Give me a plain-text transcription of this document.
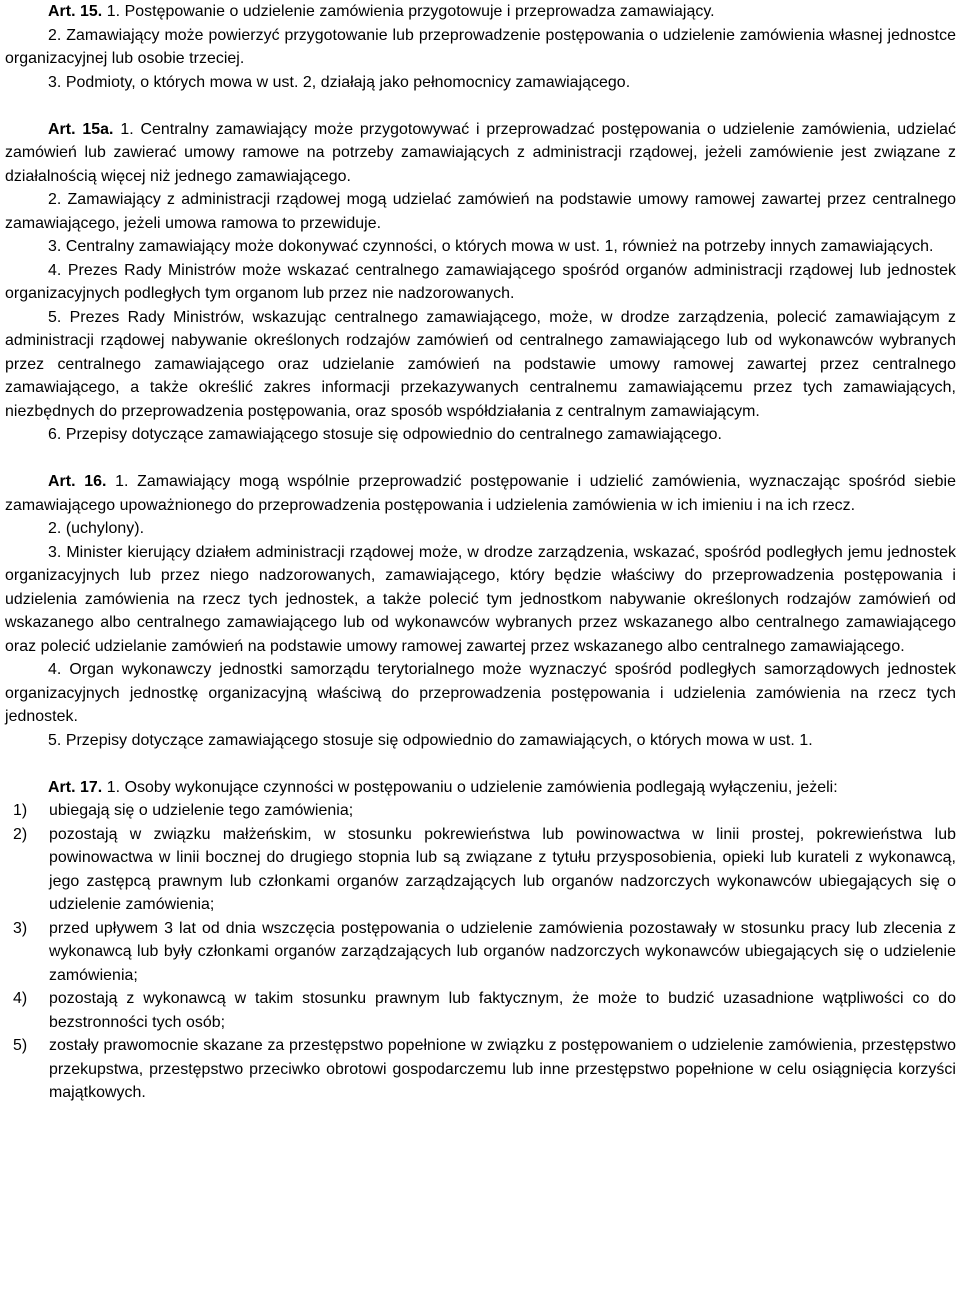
Art. 15. 1. Postępowanie o udzielenie zamówienia przygotowuje i przeprowadza zamawiający.

2. Zamawiający może powierzyć przygotowanie lub przeprowadzenie postępowania o udzielenie zamówienia własnej jednostce organizacyjnej lub osobie trzeciej.

3. Podmioty, o których mowa w ust. 2, działają jako pełnomocnicy zamawiającego.

Art. 15a. 1. Centralny zamawiający może przygotowywać i przeprowadzać postępowania o udzielenie zamówienia, udzielać zamówień lub zawierać umowy ramowe na potrzeby zamawiających z administracji rządowej, jeżeli zamówienie jest związane z działalnością więcej niż jednego zamawiającego.

2. Zamawiający z administracji rządowej mogą udzielać zamówień na podstawie umowy ramowej zawartej przez centralnego zamawiającego, jeżeli umowa ramowa to przewiduje.

3. Centralny zamawiający może dokonywać czynności, o których mowa w ust. 1, również na potrzeby innych zamawiających.

4. Prezes Rady Ministrów może wskazać centralnego zamawiającego spośród organów administracji rządowej lub jednostek organizacyjnych podległych tym organom lub przez nie nadzorowanych.

5. Prezes Rady Ministrów, wskazując centralnego zamawiającego, może, w drodze zarządzenia, polecić zamawiającym z administracji rządowej nabywanie określonych rodzajów zamówień od centralnego zamawiającego lub od wykonawców wybranych przez centralnego zamawiającego oraz udzielanie zamówień na podstawie umowy ramowej zawartej przez centralnego zamawiającego, a także określić zakres informacji przekazywanych centralnemu zamawiającemu przez tych zamawiających, niezbędnych do przeprowadzenia postępowania, oraz sposób współdziałania z centralnym zamawiającym.

6. Przepisy dotyczące zamawiającego stosuje się odpowiednio do centralnego zamawiającego.

Art. 16. 1. Zamawiający mogą wspólnie przeprowadzić postępowanie i udzielić zamówienia, wyznaczając spośród siebie zamawiającego upoważnionego do przeprowadzenia postępowania i udzielenia zamówienia w ich imieniu i na ich rzecz.

2. (uchylony).

3. Minister kierujący działem administracji rządowej może, w drodze zarządzenia, wskazać, spośród podległych jemu jednostek organizacyjnych lub przez niego nadzorowanych, zamawiającego, który będzie właściwy do przeprowadzenia postępowania i udzielenia zamówienia na rzecz tych jednostek, a także polecić tym jednostkom nabywanie określonych rodzajów zamówień od wskazanego albo centralnego zamawiającego lub od wykonawców wybranych przez wskazanego albo centralnego zamawiającego oraz polecić udzielanie zamówień na podstawie umowy ramowej zawartej przez wskazanego albo centralnego zamawiającego.

4. Organ wykonawczy jednostki samorządu terytorialnego może wyznaczyć spośród podległych samorządowych jednostek organizacyjnych jednostkę organizacyjną właściwą do przeprowadzenia postępowania i udzielenia zamówienia na rzecz tych jednostek.

5. Przepisy dotyczące zamawiającego stosuje się odpowiednio do zamawiających, o których mowa w ust. 1.

Art. 17. 1. Osoby wykonujące czynności w postępowaniu o udzielenie zamówienia podlegają wyłączeniu, jeżeli:

1)	ubiegają się o udzielenie tego zamówienia;
2)	pozostają w związku małżeńskim, w stosunku pokrewieństwa lub powinowactwa w linii prostej, pokrewieństwa lub powinowactwa w linii bocznej do drugiego stopnia lub są związane z tytułu przysposobienia, opieki lub kurateli z wykonawcą, jego zastępcą prawnym lub członkami organów zarządzających lub organów nadzorczych wykonawców ubiegających się o udzielenie zamówienia;
3)	przed upływem 3 lat od dnia wszczęcia postępowania o udzielenie zamówienia pozostawały w stosunku pracy lub zlecenia z wykonawcą lub były członkami organów zarządzających lub organów nadzorczych wykonawców ubiegających się o udzielenie zamówienia;
4)	pozostają z wykonawcą w takim stosunku prawnym lub faktycznym, że może to budzić uzasadnione wątpliwości co do bezstronności tych osób;
5)	zostały prawomocnie skazane za przestępstwo popełnione w związku z postępowaniem o udzielenie zamówienia, przestępstwo przekupstwa, przestępstwo przeciwko obrotowi gospodarczemu lub inne przestępstwo popełnione w celu osiągnięcia korzyści majątkowych.
